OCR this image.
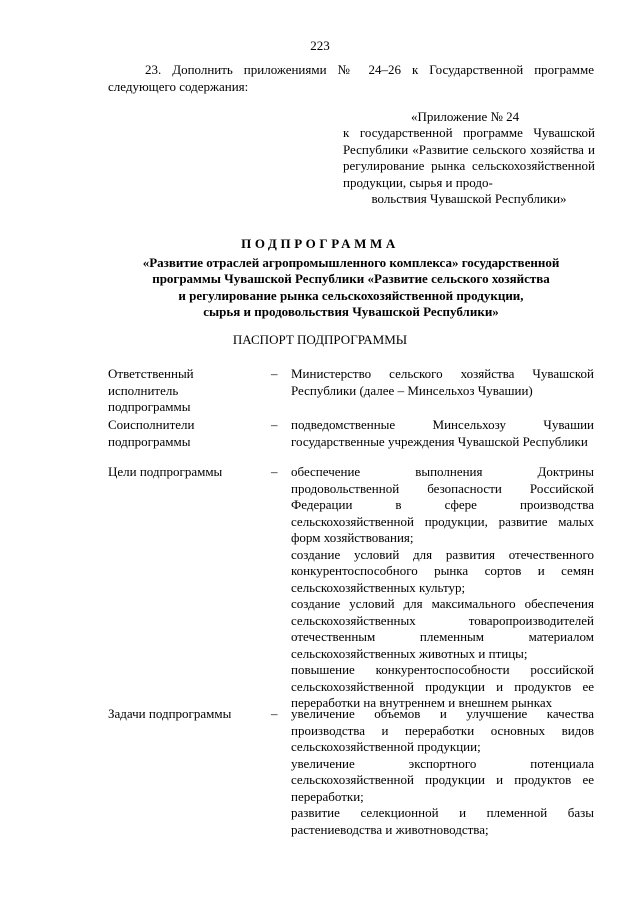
223
23. Дополнить приложениями № 24–26 к Государственной программе следующего содержания:
«Приложение № 24
к государственной программе Чувашской Республики «Развитие сельского хозяйства и регулирование рынка сельскохозяйственной продукции, сырья и продо-
вольствия Чувашской Республики»
ПОДПРОГРАММА
«Развитие отраслей агропромышленного комплекса» государственной
программы Чувашской Республики «Развитие сельского хозяйства
и регулирование рынка сельскохозяйственной продукции,
сырья и продовольствия Чувашской Республики»
ПАСПОРТ ПОДПРОГРАММЫ
Ответственный исполнитель подпрограммы
– Министерство сельского хозяйства Чувашской Республики (далее – Минсельхоз Чувашии)

Соисполнители подпрограммы
– подведомственные Минсельхозу Чувашии государственные учреждения Чувашской Республики

Цели подпрограммы	– обеспечение выполнения Доктрины продовольственной безопасности Российской Федерации в сфере производства сельскохозяйственной продукции, развитие малых форм хозяйствования;

создание условий для развития отечественного конкурентоспособного рынка сортов и семян сельскохозяйственных культур;

создание условий для максимального обеспечения сельскохозяйственных товаропроизводителей отечественным племенным материалом сельскохозяйственных животных и птицы;

повышение конкурентоспособности российской сельскохозяйственной продукции и продуктов ее переработки на внутреннем и внешнем рынках

Задачи подпрограммы	– увеличение объемов и улучшение качества производства и переработки основных видов сельскохозяйственной продукции;

увеличение экспортного потенциала сельскохозяйственной продукции и продуктов ее переработки;

развитие селекционной и племенной базы растениеводства и животноводства;
